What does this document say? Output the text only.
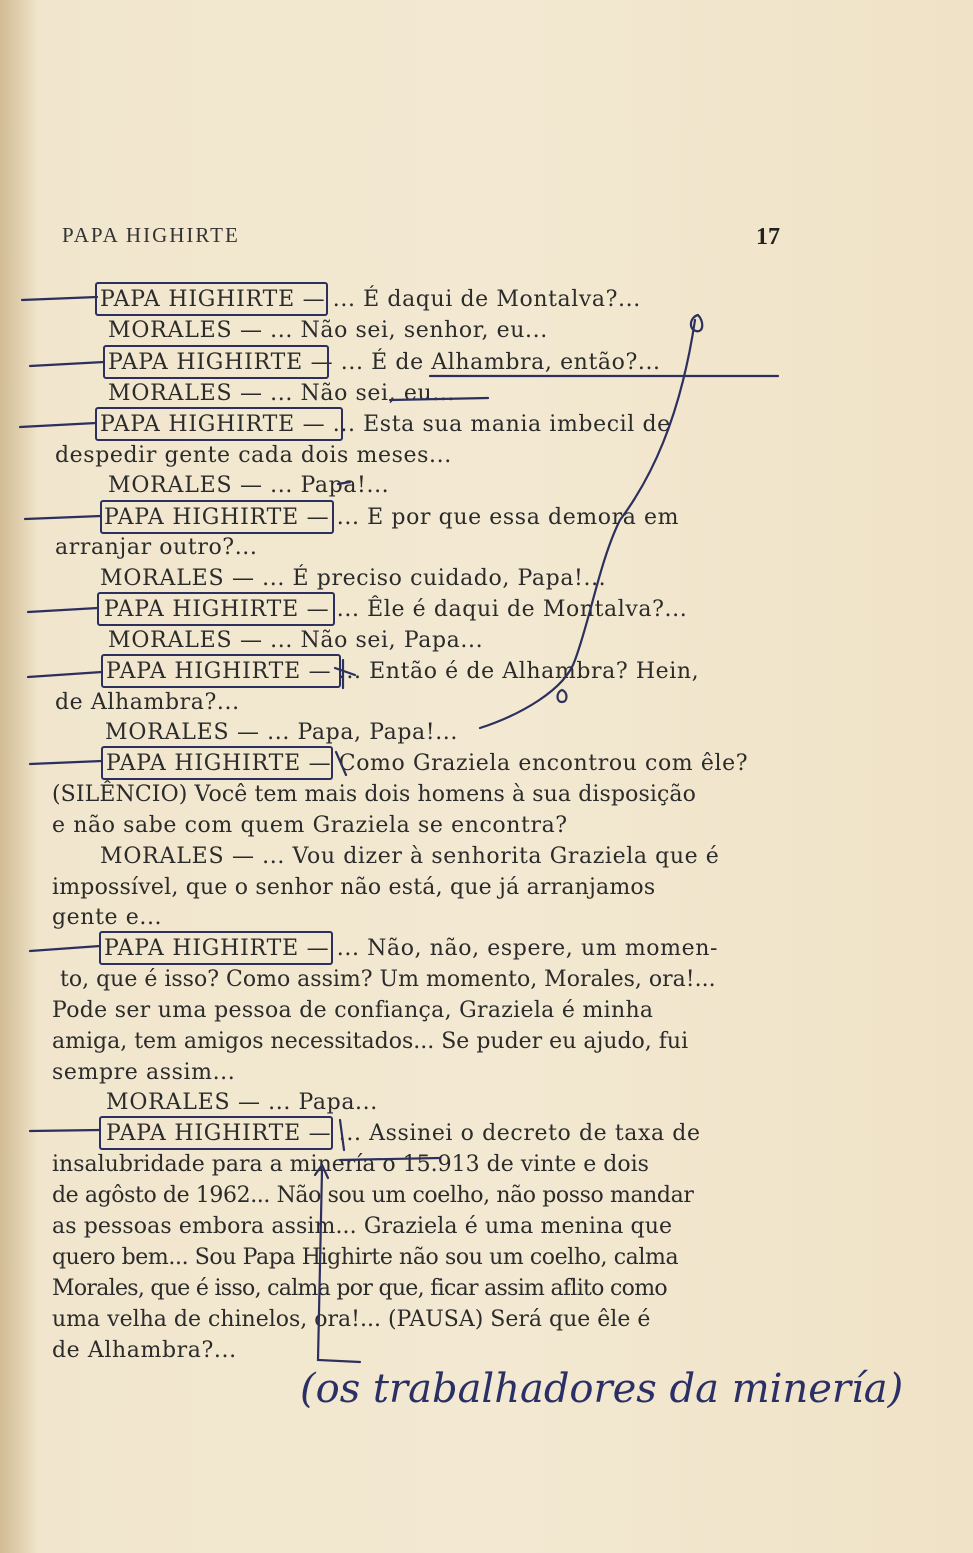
PAPA HIGHIRTE	17
PAPA HIGHIRTE — ... É daqui de Montalva?...
MORALES — ... Não sei, senhor, eu...
PAPA HIGHIRTE — ... É de Alhambra, então?...
MORALES — ... Não sei, eu...
PAPA HIGHIRTE — ... Esta sua mania imbecil de
despedir gente cada dois meses...
MORALES — ... Papa!...
PAPA HIGHIRTE — ... E por que essa demora em
arranjar outro?...
MORALES — ... É preciso cuidado, Papa!...
PAPA HIGHIRTE — ... Êle é daqui de Montalva?...
MORALES — ... Não sei, Papa...
PAPA HIGHIRTE — ... Então é de Alhambra? Hein,
de Alhambra?...
MORALES — ... Papa, Papa!...
PAPA HIGHIRTE — Como Graziela encontrou com êle?
(SILÊNCIO) Você tem mais dois homens à sua disposição
e não sabe com quem Graziela se encontra?
MORALES — ... Vou dizer à senhorita Graziela que é
impossível, que o senhor não está, que já arranjamos
gente e...
PAPA HIGHIRTE — ... Não, não, espere, um momen-
to, que é isso? Como assim? Um momento, Morales, ora!...
Pode ser uma pessoa de confiança, Graziela é minha
amiga, tem amigos necessitados... Se puder eu ajudo, fui
sempre assim...
MORALES — ... Papa...
PAPA HIGHIRTE — ... Assinei o decreto de taxa de
insalubridade para a minería o 15.913 de vinte e dois
de agôsto de 1962... Não sou um coelho, não posso mandar
as pessoas embora assim... Graziela é uma menina que
quero bem... Sou Papa Highirte não sou um coelho, calma
Morales, que é isso, calma por que, ficar assim aflito como
uma velha de chinelos, ora!... (PAUSA) Será que êle é
de Alhambra?...
(os trabalhadores da minería)
